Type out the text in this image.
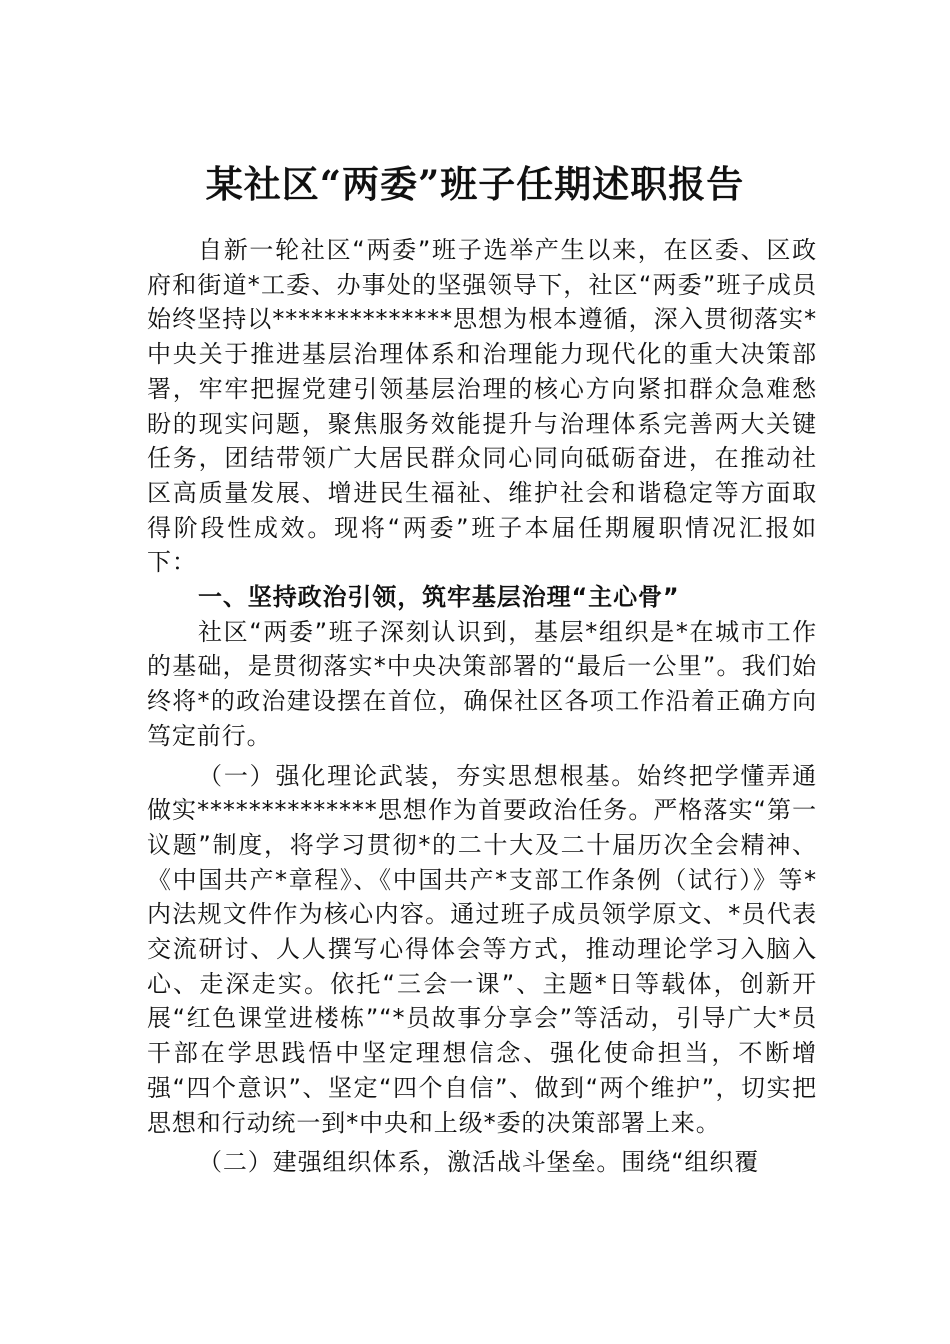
某社区“两委”班子任期述职报告

自新一轮社区“两委”班子选举产生以来，在区委、区政府和街道*工委、办事处的坚强领导下，社区“两委”班子成员始终坚持以**************思想为根本遵循，深入贯彻落实*中央关于推进基层治理体系和治理能力现代化的重大决策部署，牢牢把握党建引领基层治理的核心方向紧扣群众急难愁盼的现实问题，聚焦服务效能提升与治理体系完善两大关键任务，团结带领广大居民群众同心同向砥砺奋进，在推动社区高质量发展、增进民生福祉、维护社会和谐稳定等方面取得阶段性成效。现将“两委”班子本届任期履职情况汇报如下：

一、坚持政治引领，筑牢基层治理“主心骨”

社区“两委”班子深刻认识到，基层*组织是*在城市工作的基础，是贯彻落实*中央决策部署的“最后一公里”。我们始终将*的政治建设摆在首位，确保社区各项工作沿着正确方向笃定前行。

（一）强化理论武装，夯实思想根基。始终把学懂弄通做实**************思想作为首要政治任务。严格落实“第一议题”制度，将学习贯彻*的二十大及二十届历次全会精神、《中国共产*章程》、《中国共产*支部工作条例（试行）》等*内法规文件作为核心内容。通过班子成员领学原文、*员代表交流研讨、人人撰写心得体会等方式，推动理论学习入脑入心、走深走实。依托“三会一课”、主题*日等载体，创新开展“红色课堂进楼栋”“*员故事分享会”等活动，引导广大*员干部在学思践悟中坚定理想信念、强化使命担当，不断增强“四个意识”、坚定“四个自信”、做到“两个维护”，切实把思想和行动统一到*中央和上级*委的决策部署上来。

（二）建强组织体系，激活战斗堡垒。围绕“组织覆
